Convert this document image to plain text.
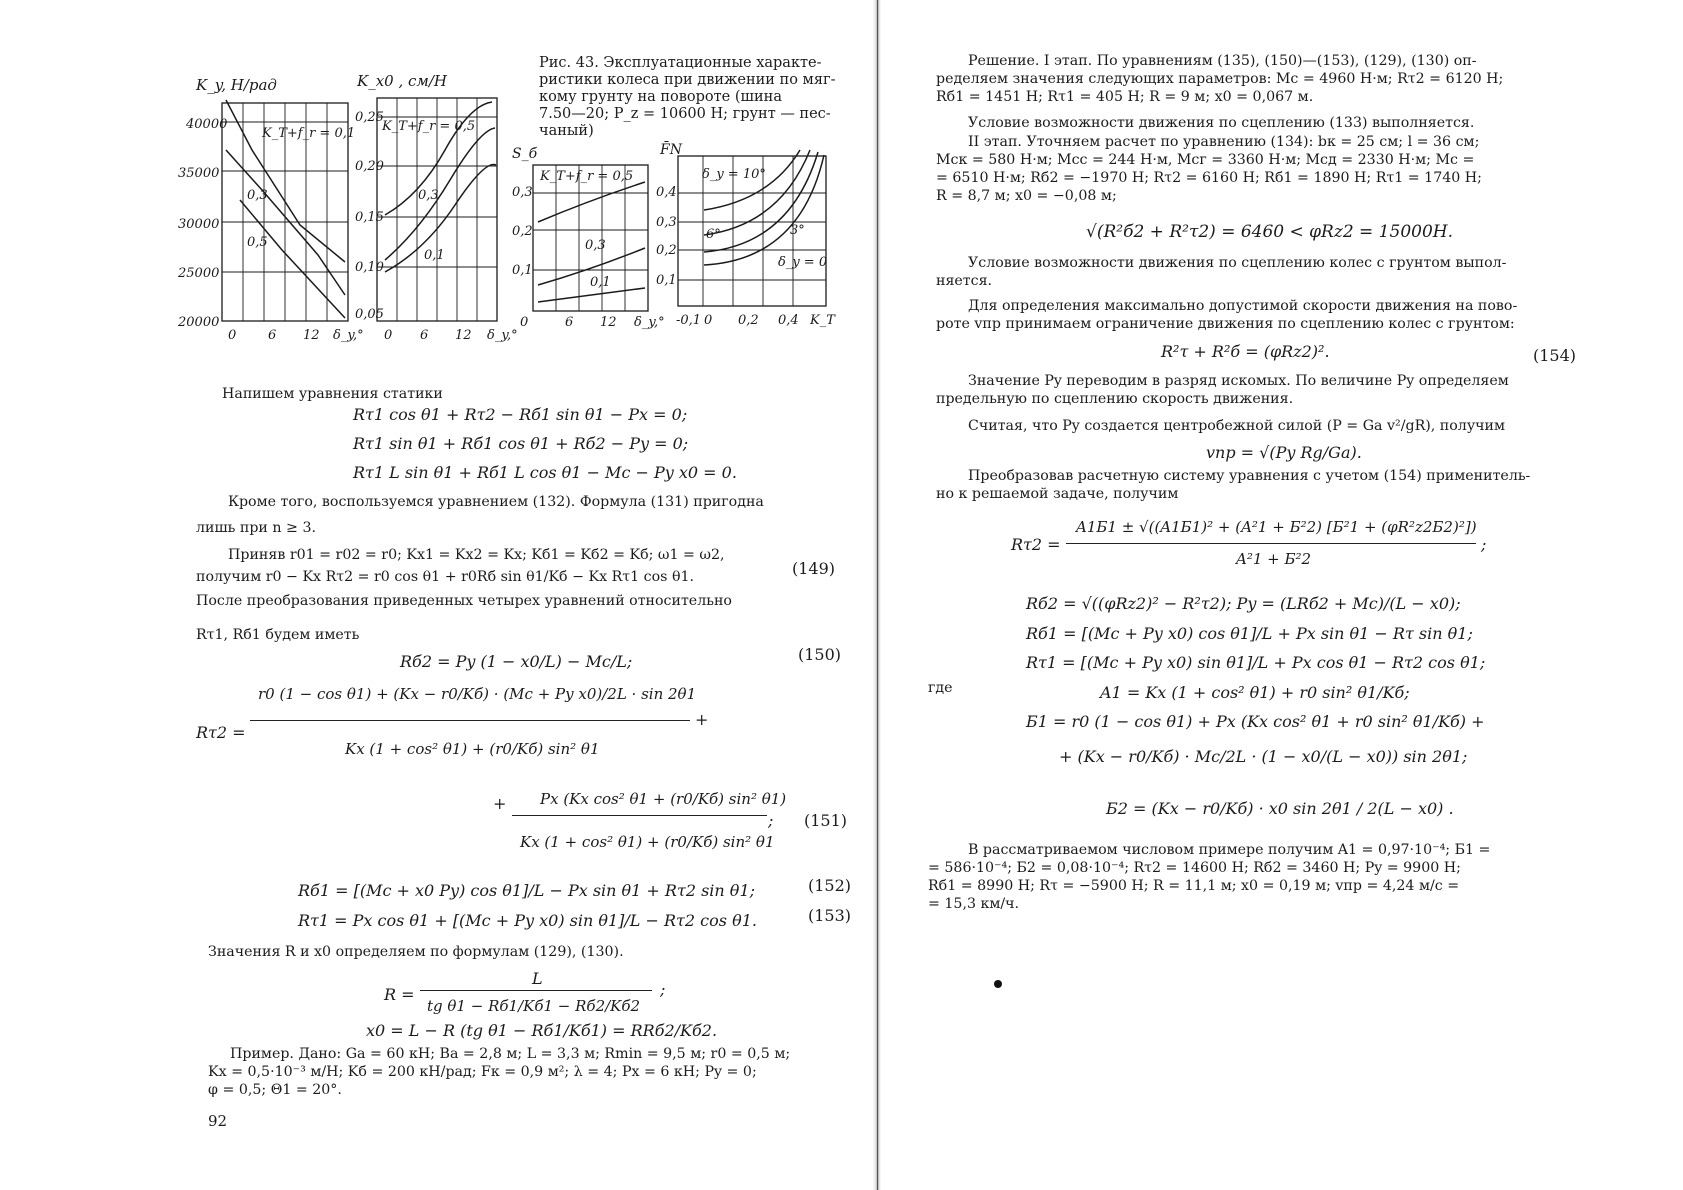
K_y, Н/рад
40000
35000
30000
25000
20000
0 6 12 δ_y,°
K_T+f_r = 0,1
0,3
0,5
K_x0 , см/Н
0,25
0,20
0,15
0,10
0,05
0 6 12 δ_y,°
K_T+f_r = 0,5
0,3
0,1
S_б
0,3
0,2
0,1
0	6 12 δ_y,°
K_T+f_r = 0,5
0,3
0,1
F̄N
0,4
0,3
0,2
0,1
-0,1 0 0,2 0,4 K_T
δ_y = 10°
6°	3°
δ_y = 0
Рис. 43. Эксплуатационные характе-
ристики колеса при движении по мяг-
кому грунту на повороте (шина
7.50—20; P_z = 10600 Н; грунт — пес-
чаный)
Напишем уравнения статики
Rτ1 cos θ1 + Rτ2 − Rб1 sin θ1 − Px = 0;
Rτ1 sin θ1 + Rб1 cos θ1 + Rб2 − Py = 0;
Rτ1 L sin θ1 + Rб1 L cos θ1 − Mc − Py x0 = 0.
Кроме того, воспользуемся уравнением (132). Формула (131) пригодна
лишь при n ≥ 3.
Приняв r01 = r02 = r0; Kx1 = Kx2 = Kx; Kб1 = Kб2 = Kб; ω1 = ω2,
получим r0 − Kx Rτ2 = r0 cos θ1 + r0Rб sin θ1/Kб − Kx Rτ1 cos θ1.	(149)
После преобразования приведенных четырех уравнений относительно
Rτ1, Rб1 будем иметь
Rб2 = Py (1 − x0/L) − Mc/L;	(150)
Rτ2 =
r0 (1 − cos θ1) + (Kx − r0/Kб) · (Mc + Py x0)/2L · sin 2θ1
Kx (1 + cos² θ1) + (r0/Kб) sin² θ1
+
+ Px (Kx cos² θ1 + (r0/Kб) sin² θ1)
Kx (1 + cos² θ1) + (r0/Kб) sin² θ1
; (151)
Rб1 = [(Mc + x0 Py) cos θ1]/L − Px sin θ1 + Rτ2 sin θ1;	(152)
Rτ1 = Px cos θ1 + [(Mc + Py x0) sin θ1]/L − Rτ2 cos θ1.	(153)
Значения R и x0 определяем по формулам (129), (130).
R =
L
tg θ1 − Rб1/Kб1 − Rб2/Kб2
;
x0 = L − R (tg θ1 − Rб1/Kб1) = RRб2/Kб2.
Пример. Дано: Gа = 60 кН; Bа = 2,8 м; L = 3,3 м; Rmin = 9,5 м; r0 = 0,5 м;
Kx = 0,5·10⁻³ м/Н; Kб = 200 кН/рад; Fк = 0,9 м²; λ = 4; Px = 6 кН; Py = 0;
φ = 0,5; Θ1 = 20°.
92
Решение. I этап. По уравнениям (135), (150)—(153), (129), (130) оп-
ределяем значения следующих параметров: Mc = 4960 Н·м; Rτ2 = 6120 Н;
Rб1 = 1451 Н; Rτ1 = 405 Н; R = 9 м; x0 = 0,067 м.
Условие возможности движения по сцеплению (133) выполняется.
II этап. Уточняем расчет по уравнению (134): bк = 25 см; l = 36 см;
Mск = 580 Н·м; Mсс = 244 Н·м, Mсг = 3360 Н·м; Mсд = 2330 Н·м; Mс =
= 6510 Н·м; Rб2 = −1970 Н; Rτ2 = 6160 Н; Rб1 = 1890 Н; Rτ1 = 1740 Н;
R = 8,7 м; x0 = −0,08 м;
√(R²б2 + R²τ2) = 6460 < φRz2 = 15000Н.
Условие возможности движения по сцеплению колес с грунтом выпол-
няется.
Для определения максимально допустимой скорости движения на пово-
роте vпр принимаем ограничение движения по сцеплению колес с грунтом:
R²τ + R²б = (φRz2)².	(154)
Значение Py переводим в разряд искомых. По величине Py определяем
предельную по сцеплению скорость движения.
Считая, что Py создается центробежной силой (P = Gа v²/gR), получим
vпр = √(Py Rg/Gа).
Преобразовав расчетную систему уравнения с учетом (154) применитель-
но к решаемой задаче, получим
Rτ2 =
A1Б1 ± √((A1Б1)² + (A²1 + Б²2) [Б²1 + (φR²z2Б2)²])
A²1 + Б²2
;
Rб2 = √((φRz2)² − R²τ2); Py = (LRб2 + Mc)/(L − x0);
Rб1 = [(Mc + Py x0) cos θ1]/L + Px sin θ1 − Rτ sin θ1;
Rτ1 = [(Mc + Py x0) sin θ1]/L + Px cos θ1 − Rτ2 cos θ1;
где	A1 = Kx (1 + cos² θ1) + r0 sin² θ1/Kб;
Б1 = r0 (1 − cos θ1) + Px (Kx cos² θ1 + r0 sin² θ1/Kб) +
+ (Kx − r0/Kб) · Mc/2L · (1 − x0/(L − x0)) sin 2θ1;
Б2 = (Kx − r0/Kб) · x0 sin 2θ1 / 2(L − x0) .
В рассматриваемом числовом примере получим A1 = 0,97·10⁻⁴; Б1 =
= 586·10⁻⁴; Б2 = 0,08·10⁻⁴; Rτ2 = 14600 Н; Rб2 = 3460 Н; Py = 9900 Н;
Rб1 = 8990 Н; Rτ = −5900 Н; R = 11,1 м; x0 = 0,19 м; vпр = 4,24 м/с =
= 15,3 км/ч.
